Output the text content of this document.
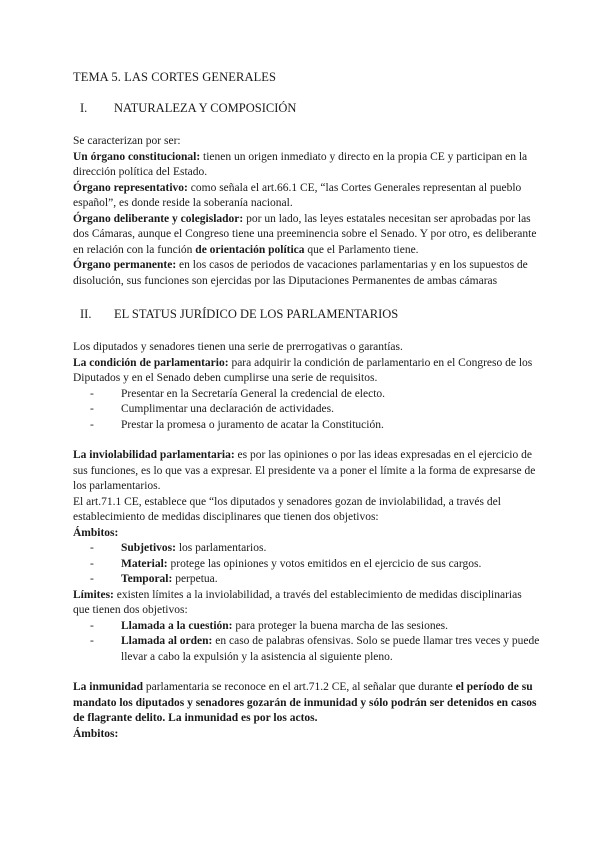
TEMA 5. LAS CORTES GENERALES
I.	NATURALEZA Y COMPOSICIÓN

Se caracterizan por ser:

Un órgano constitucional: tienen un origen inmediato y directo en la propia CE y participan en la dirección política del Estado.

Órgano representativo: como señala el art.66.1 CE, “las Cortes Generales representan al pueblo español”, es donde reside la soberanía nacional.

Órgano deliberante y colegislador: por un lado, las leyes estatales necesitan ser aprobadas por las dos Cámaras, aunque el Congreso tiene una preeminencia sobre el Senado. Y por otro, es deliberante en relación con la función de orientación política que el Parlamento tiene.

Órgano permanente: en los casos de periodos de vacaciones parlamentarias y en los supuestos de disolución, sus funciones son ejercidas por las Diputaciones Permanentes de ambas cámaras

II.	EL STATUS JURÍDICO DE LOS PARLAMENTARIOS

Los diputados y senadores tienen una serie de prerrogativas o garantías.

La condición de parlamentario: para adquirir la condición de parlamentario en el Congreso de los Diputados y en el Senado deben cumplirse una serie de requisitos.

- Presentar en la Secretaría General la credencial de electo.
- Cumplimentar una declaración de actividades.
- Prestar la promesa o juramento de acatar la Constitución.

La inviolabilidad parlamentaria: es por las opiniones o por las ideas expresadas en el ejercicio de sus funciones, es lo que vas a expresar. El presidente va a poner el límite a la forma de expresarse de los parlamentarios.

El art.71.1 CE, establece que “los diputados y senadores gozan de inviolabilidad, a través del establecimiento de medidas disciplinares que tienen dos objetivos:

Ámbitos:

- Subjetivos: los parlamentarios.
- Material: protege las opiniones y votos emitidos en el ejercicio de sus cargos.
- Temporal: perpetua.

Límites: existen límites a la inviolabilidad, a través del establecimiento de medidas disciplinarias que tienen dos objetivos:

- Llamada a la cuestión: para proteger la buena marcha de las sesiones.
- Llamada al orden: en caso de palabras ofensivas. Solo se puede llamar tres veces y puede llevar a cabo la expulsión y la asistencia al siguiente pleno.

La inmunidad parlamentaria se reconoce en el art.71.2 CE, al señalar que durante el período de su mandato los diputados y senadores gozarán de inmunidad y sólo podrán ser detenidos en casos de flagrante delito. La inmunidad es por los actos.

Ámbitos:
